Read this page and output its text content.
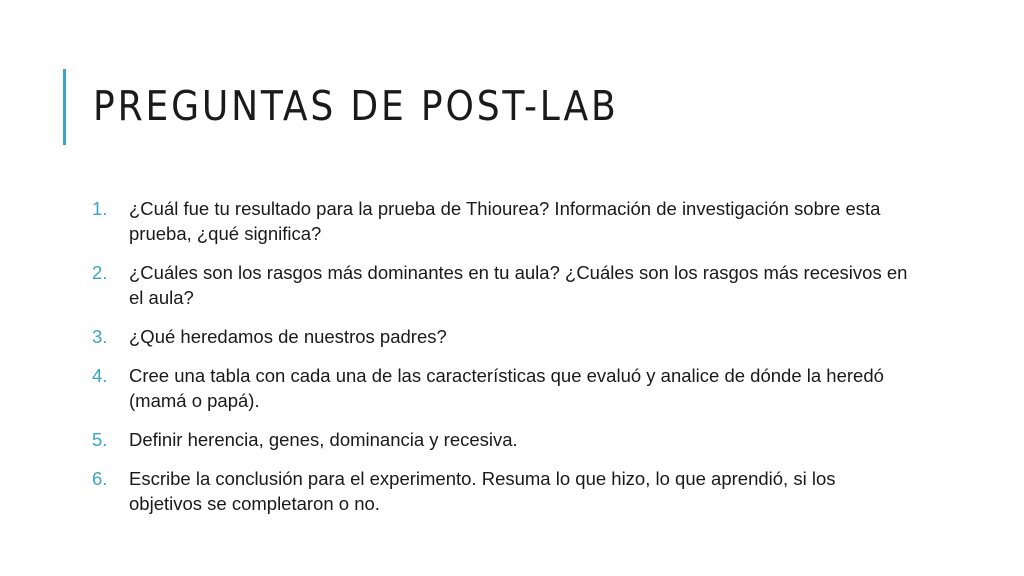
PREGUNTAS DE POST-LAB
1.	¿Cuál fue tu resultado para la prueba de Thiourea? Información de investigación sobre esta prueba, ¿qué significa?
2.	¿Cuáles son los rasgos más dominantes en tu aula? ¿Cuáles son los rasgos más recesivos en el aula?
3.	¿Qué heredamos de nuestros padres?
4.	Cree una tabla con cada una de las características que evaluó y analice de dónde la heredó (mamá o papá).
5.	Definir herencia, genes, dominancia y recesiva.
6.	Escribe la conclusión para el experimento. Resuma lo que hizo, lo que aprendió, si los objetivos se completaron o no.
